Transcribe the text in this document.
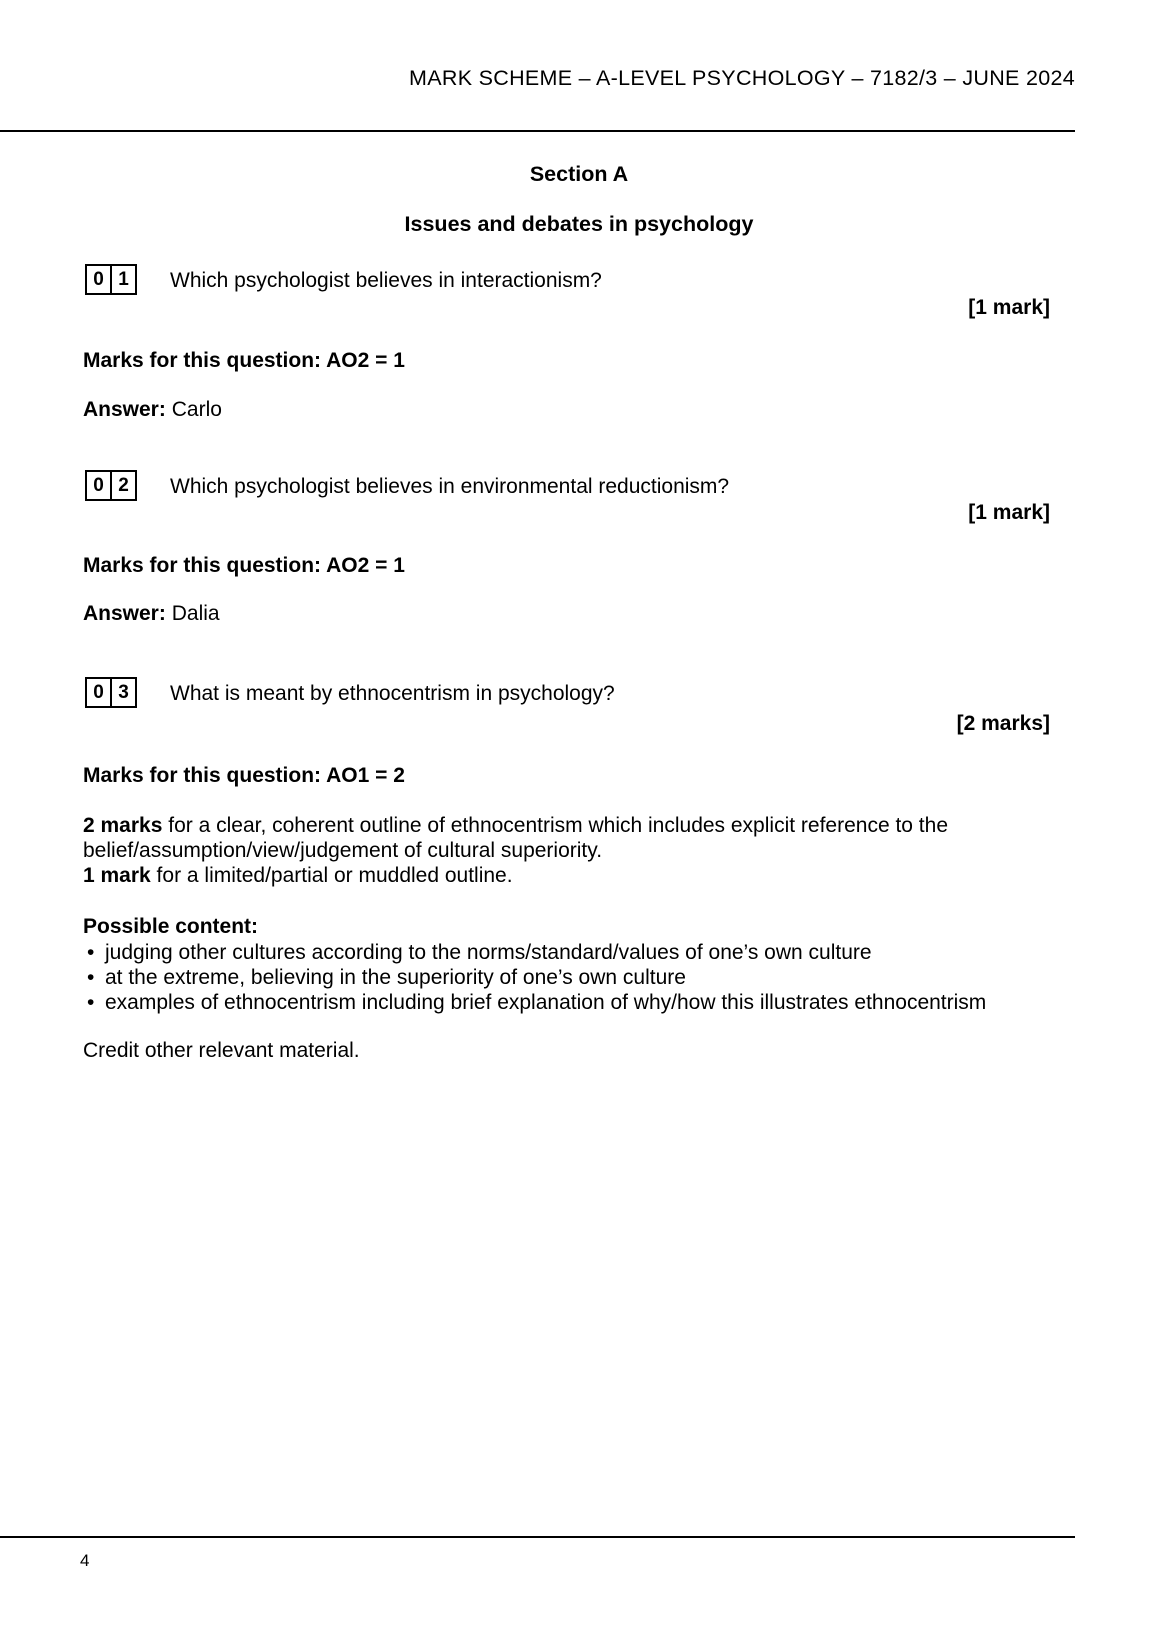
MARK SCHEME – A-LEVEL PSYCHOLOGY – 7182/3 – JUNE 2024
Section A
Issues and debates in psychology
0 1 Which psychologist believes in interactionism?
[1 mark]
Marks for this question: AO2 = 1
Answer: Carlo
0 2 Which psychologist believes in environmental reductionism?
[1 mark]
Marks for this question: AO2 = 1
Answer: Dalia
0 3 What is meant by ethnocentrism in psychology?
[2 marks]
Marks for this question: AO1 = 2
2 marks for a clear, coherent outline of ethnocentrism which includes explicit reference to the
belief/assumption/view/judgement of cultural superiority.
1 mark for a limited/partial or muddled outline.
Possible content:
• judging other cultures according to the norms/standard/values of one’s own culture
• at the extreme, believing in the superiority of one’s own culture
• examples of ethnocentrism including brief explanation of why/how this illustrates ethnocentrism
Credit other relevant material.
4
